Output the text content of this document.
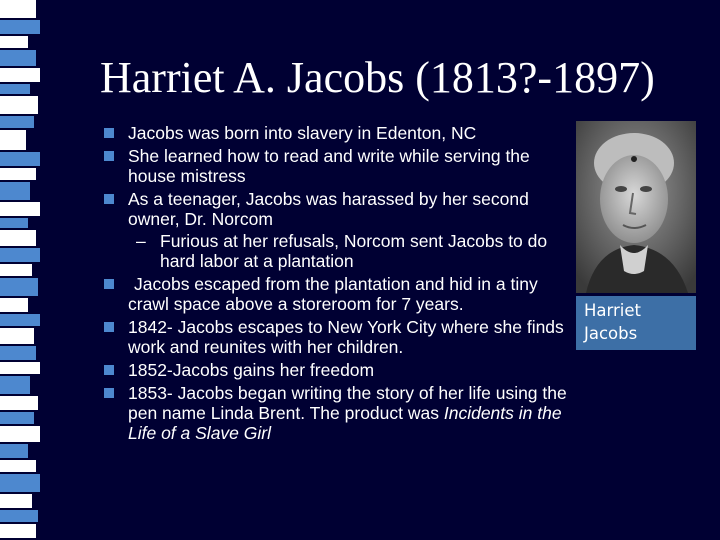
Harriet A. Jacobs (1813?-1897)
Jacobs was born into slavery in Edenton, NC
She learned how to read and write while serving the house mistress
As a teenager, Jacobs was harassed by her second owner, Dr. Norcom
– Furious at her refusals, Norcom sent Jacobs to do hard labor at a plantation
Jacobs escaped from the plantation and hid in a tiny crawl space above a storeroom for 7 years.
1842- Jacobs escapes to New York City where she finds work and reunites with her children.
1852-Jacobs gains her freedom
1853- Jacobs began writing the story of her life using the pen name Linda Brent. The product was Incidents in the Life of a Slave Girl
Harriet Jacobs
